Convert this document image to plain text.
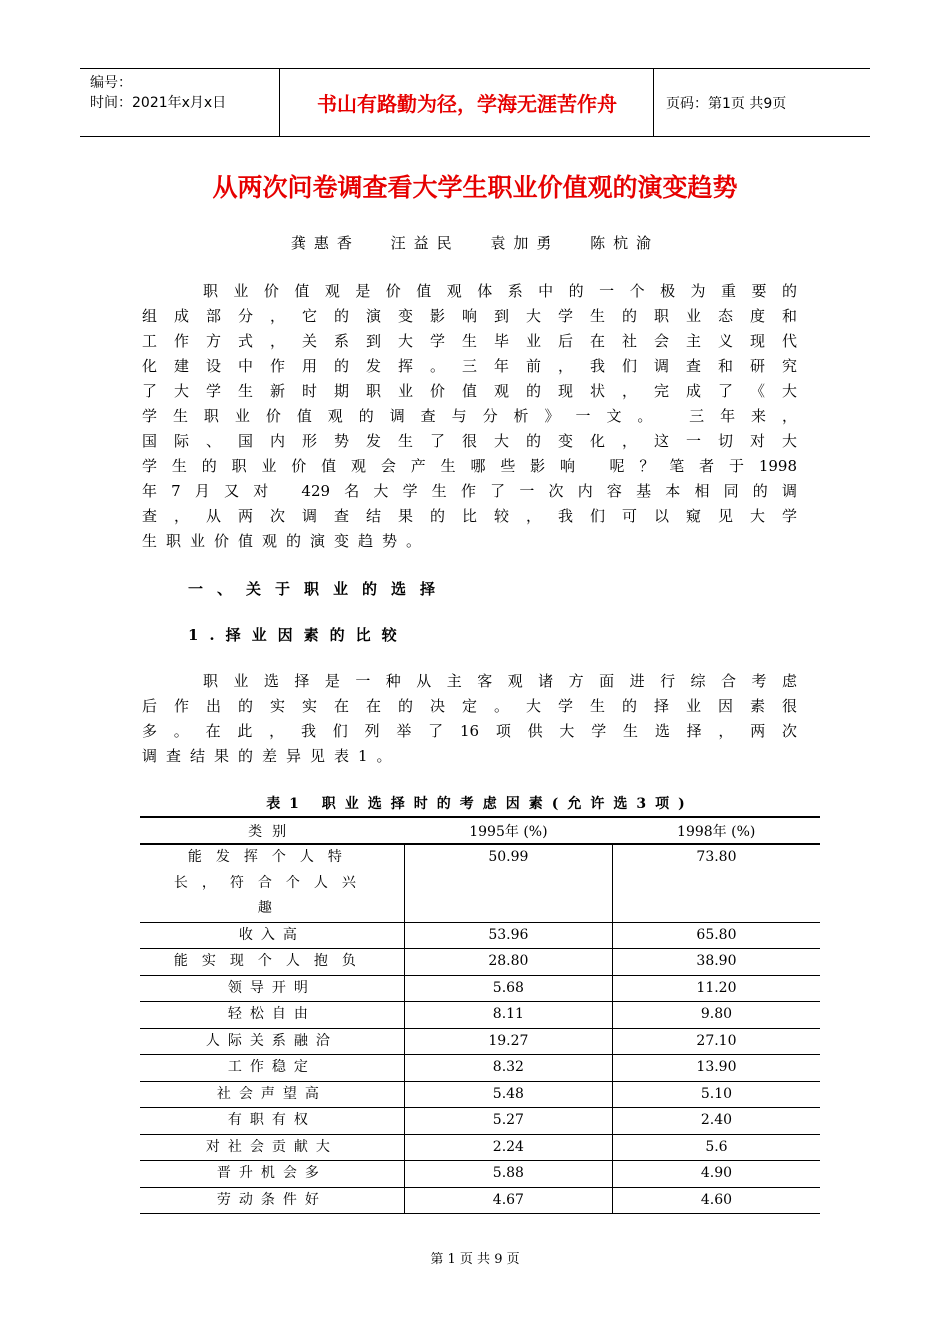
编号：
时间：2021年x月x日	书山有路勤为径，学海无涯苦作舟	页码：第1页 共9页
从两次问卷调查看大学生职业价值观的演变趋势
龚惠香 汪益民 袁加勇 陈杭渝
　　职业价值观是价值观体系中的一个极为重要的
组成部分，它的演变影响到大学生的职业态度和
工作方式，关系到大学生毕业后在社会主义现代
化建设中作用的发挥。三年前，我们调查和研究
了大学生新时期职业价值观的现状，完成了《大
学生职业价值观的调查与分析》一文。 三年来，
国际、国内形势发生了很大的变化，这一切对大
学生的职业价值观会产生哪些影响 呢？笔者于1998
年7月又对 429名大学生作了一次内容基本相同的调
查，从两次调查结果的比较，我们可以窥见大学
生职业价值观的演变趋势。
一、关于职业的选择
1.择业因素的比较
　　职业选择是一种从主客观诸方面进行综合考虑
后作出的实实在在的决定。大学生的择业因素很
多。在此，我们列举了16项供大学生选择，两次
调查结果的差异见表1。
表1 职业选择时的考虑因素(允许选3项)
类别	1995年 (%)	1998年 (%)
能发挥个人特长，符合个人兴趣	50.99	73.80
收入高	53.96	65.80
能实现个人抱负	28.80	38.90
领导开明	5.68	11.20
轻松自由	8.11	9.80
人际关系融洽	19.27	27.10
工作稳定	8.32	13.90
社会声望高	5.48	5.10
有职有权	5.27	2.40
对社会贡献大	2.24	5.6
晋升机会多	5.88	4.90
劳动条件好	4.67	4.60
第 1 页 共 9 页
